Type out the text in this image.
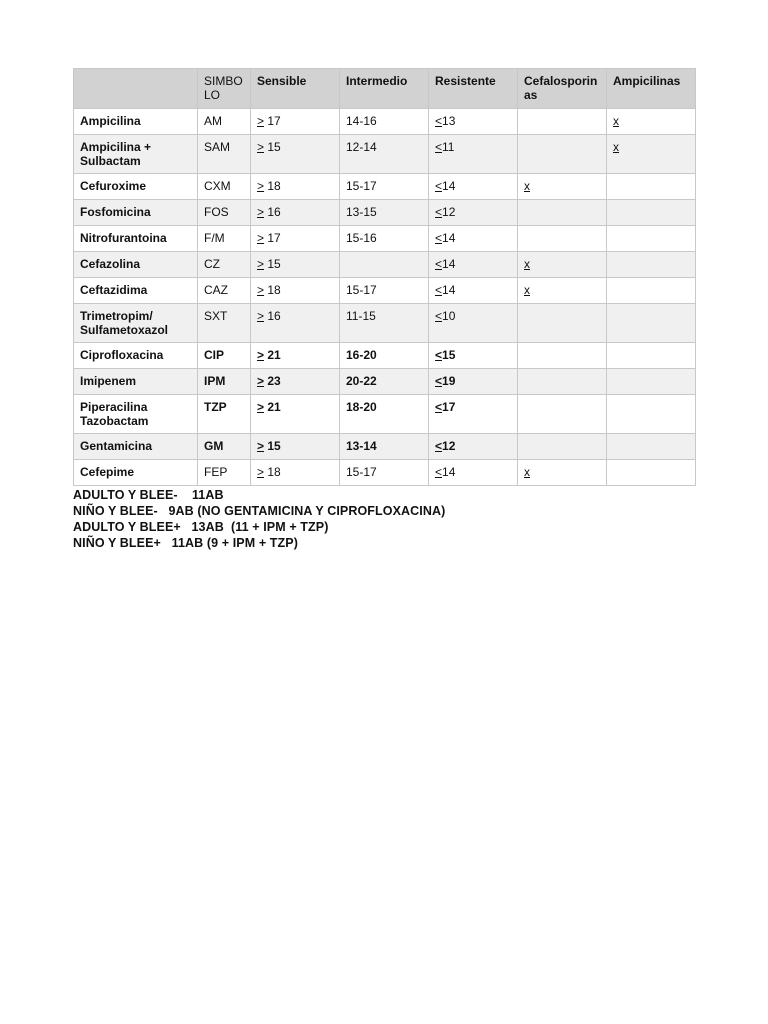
	SIMBOLO	Sensible	Intermedio	Resistente	Cefalosporinas	Ampicilinas
Ampicilina	AM	≥ 17	14-16	≤13		x
Ampicilina + Sulbactam	SAM	≥ 15	12-14	≤11		x
Cefuroxime	CXM	≥ 18	15-17	≤14	x	
Fosfomicina	FOS	≥ 16	13-15	≤12		
Nitrofurantoina	F/M	≥ 17	15-16	≤14		
Cefazolina	CZ	≥ 15		≤14	x	
Ceftazidima	CAZ	≥ 18	15-17	≤14	x	
Trimetropim/ Sulfametoxazol	SXT	≥ 16	11-15	≤10		
Ciprofloxacina	CIP	≥ 21	16-20	≤15		
Imipenem	IPM	≥ 23	20-22	≤19		
Piperacilina Tazobactam	TZP	≥ 21	18-20	≤17		
Gentamicina	GM	≥ 15	13-14	≤12		
Cefepime	FEP	≥ 18	15-17	≤14	x	
ADULTO Y BLEE-    11AB
NIÑO Y BLEE-   9AB (NO GENTAMICINA Y CIPROFLOXACINA)
ADULTO Y BLEE+   13AB  (11 + IPM + TZP)
NIÑO Y BLEE+   11AB (9 + IPM + TZP)
